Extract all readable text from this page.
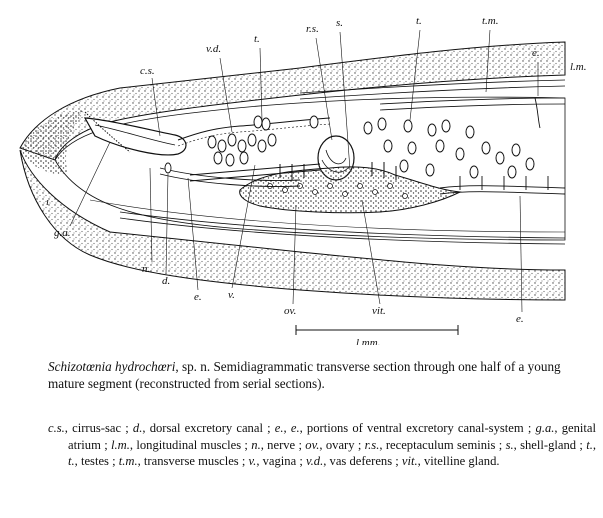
l mm.
c.s.
v.d.
t.
r.s. s.	t.	t.m.
e.
l.m.
g.a.
n.
d.
e. v.
ov.	vit.
e.
ı
Schizotœnia hydrochœri, sp. n. Semidiagrammatic transverse section through one half of a young mature segment (reconstructed from serial sections).
c.s., cirrus-sac ; d., dorsal excretory canal ; e., e., portions of ventral excretory canal-system ; g.a., genital atrium ; l.m., longitudinal muscles ; n., nerve ; ov., ovary ; r.s., receptaculum seminis ; s., shell-gland ; t., t., testes ; t.m., transverse muscles ; v., vagina ; v.d., vas deferens ; vit., vitelline gland.
